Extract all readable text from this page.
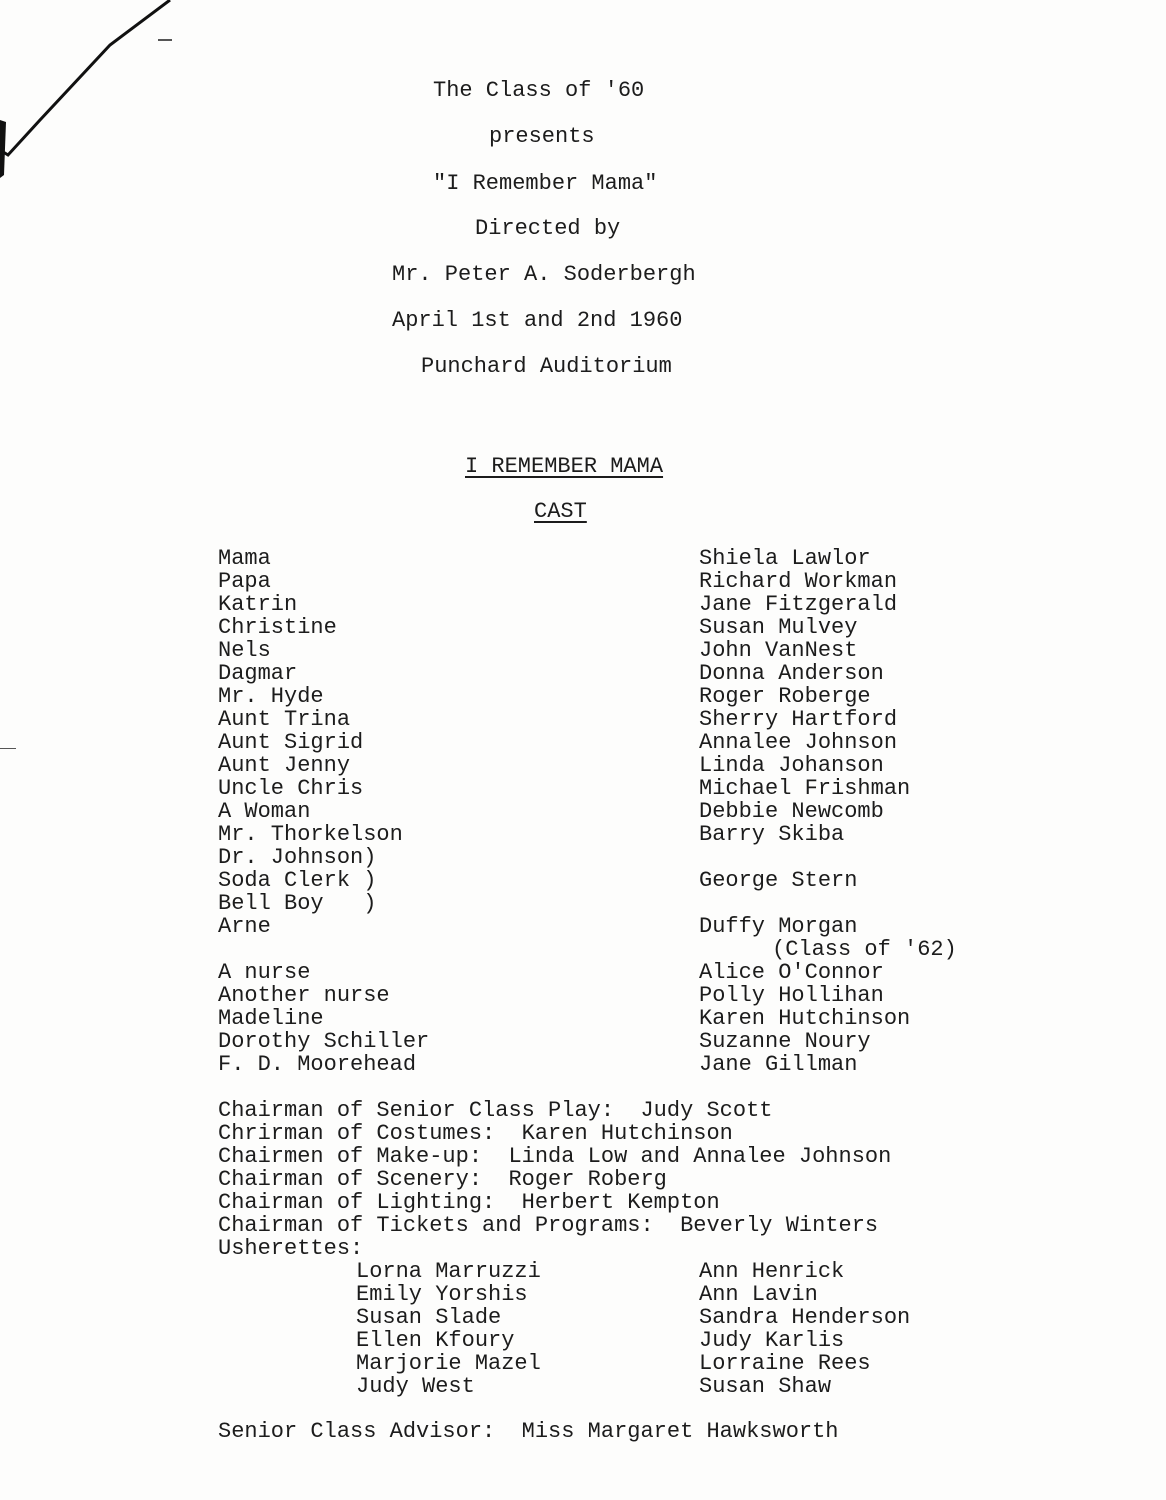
The Class of '60
presents
"I Remember Mama"
Directed by
Mr. Peter A. Soderbergh
April 1st and 2nd 1960
Punchard Auditorium
I REMEMBER MAMA
CAST
Mama	Shiela Lawlor
Papa	Richard Workman
Katrin	Jane Fitzgerald
Christine	Susan Mulvey
Nels	John VanNest
Dagmar	Donna Anderson
Mr. Hyde	Roger Roberge
Aunt Trina	Sherry Hartford
Aunt Sigrid	Annalee Johnson
Aunt Jenny	Linda Johanson
Uncle Chris	Michael Frishman
A Woman	Debbie Newcomb
Mr. Thorkelson	Barry Skiba
Dr. Johnson)
Soda Clerk )	George Stern
Bell Boy   )
Arne	Duffy Morgan
(Class of '62)
A nurse	Alice O'Connor
Another nurse	Polly Hollihan
Madeline	Karen Hutchinson
Dorothy Schiller	Suzanne Noury
F. D. Moorehead	Jane Gillman
Chairman of Senior Class Play:  Judy Scott
Chrirman of Costumes:  Karen Hutchinson
Chairmen of Make-up:  Linda Low and Annalee Johnson
Chairman of Scenery:  Roger Roberg
Chairman of Lighting:  Herbert Kempton
Chairman of Tickets and Programs:  Beverly Winters
Usherettes:
Lorna Marruzzi	Ann Henrick
Emily Yorshis	Ann Lavin
Susan Slade	Sandra Henderson
Ellen Kfoury	Judy Karlis
Marjorie Mazel	Lorraine Rees
Judy West	Susan Shaw
Senior Class Advisor:  Miss Margaret Hawksworth
